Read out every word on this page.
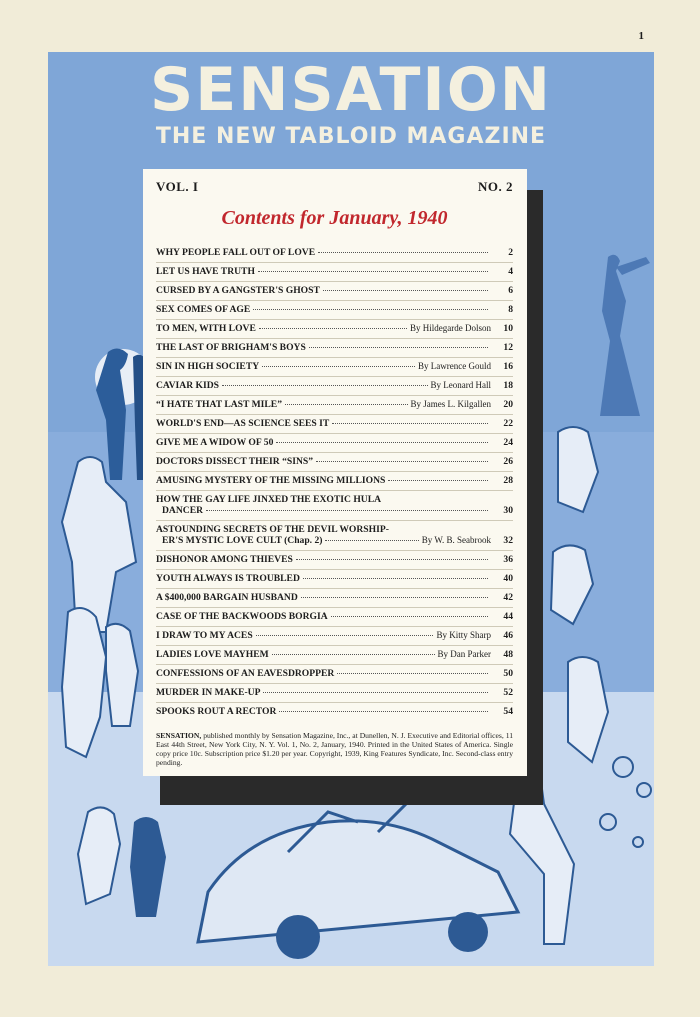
1
SENSATION
THE NEW TABLOID MAGAZINE
VOL. I	NO. 2
Contents for January, 1940
WHY PEOPLE FALL OUT OF LOVE	2
LET US HAVE TRUTH	4
CURSED BY A GANGSTER'S GHOST	6
SEX COMES OF AGE	8
TO MEN, WITH LOVE	By Hildegarde Dolson	10
THE LAST OF BRIGHAM'S BOYS	12
SIN IN HIGH SOCIETY	By Lawrence Gould	16
CAVIAR KIDS	By Leonard Hall	18
“I HATE THAT LAST MILE”	By James L. Kilgallen	20
WORLD'S END—AS SCIENCE SEES IT	22
GIVE ME A WIDOW OF 50	24
DOCTORS DISSECT THEIR “SINS”	26
AMUSING MYSTERY OF THE MISSING MILLIONS	28
HOW THE GAY LIFE JINXED THE EXOTIC HULA
DANCER	30
ASTOUNDING SECRETS OF THE DEVIL WORSHIP-
ER'S MYSTIC LOVE CULT (Chap. 2)	By W. B. Seabrook	32
DISHONOR AMONG THIEVES	36
YOUTH ALWAYS IS TROUBLED	40
A $400,000 BARGAIN HUSBAND	42
CASE OF THE BACKWOODS BORGIA	44
I DRAW TO MY ACES	By Kitty Sharp	46
LADIES LOVE MAYHEM	By Dan Parker	48
CONFESSIONS OF AN EAVESDROPPER	50
MURDER IN MAKE-UP	52
SPOOKS ROUT A RECTOR	54
SENSATION, published monthly by Sensation Magazine, Inc., at Dunellen, N. J. Executive and Editorial offices, 11 East 44th Street, New York City, N. Y. Vol. 1, No. 2, January, 1940. Printed in the United States of America. Single copy price 10c. Subscription price $1.20 per year. Copyright, 1939, King Features Syndicate, Inc. Second-class entry pending.
